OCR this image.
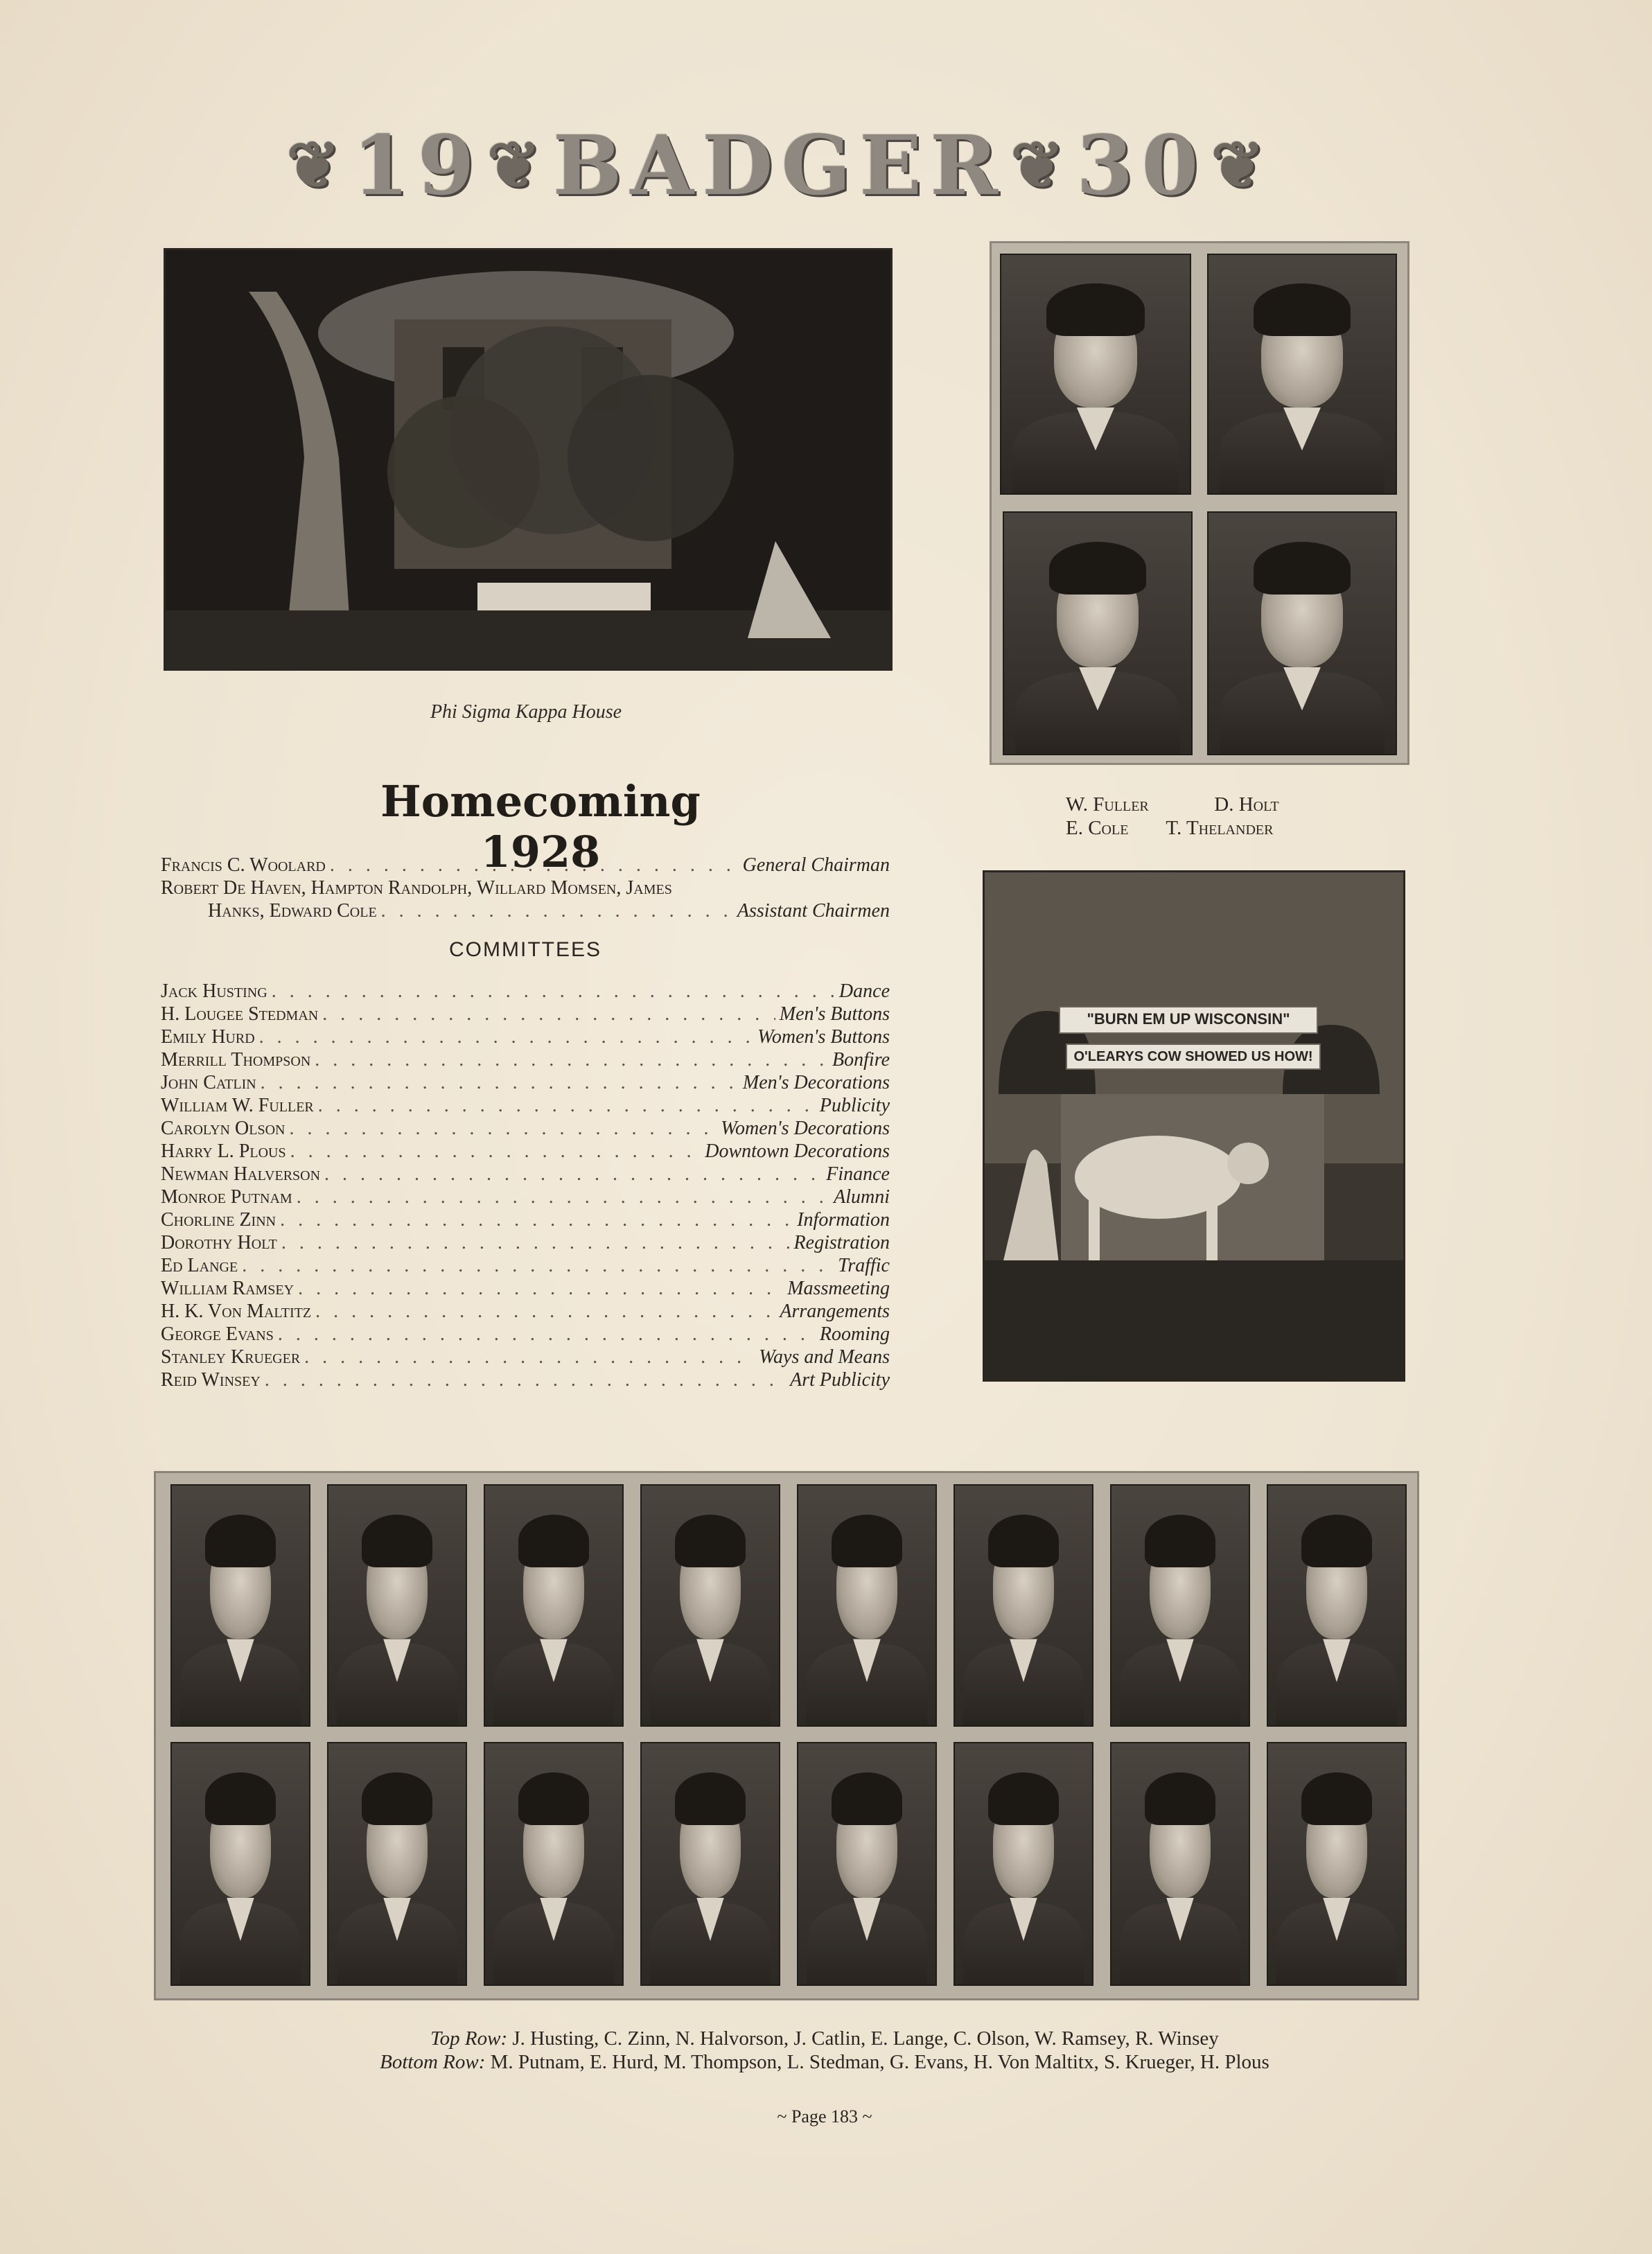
❦ 19 ❦ BADGER ❦ 30 ❦
Phi Sigma Kappa House
W. Fuller	D. Holt
E. Cole T. Thelander
Homecoming 1928
Francis C. Woolard . . .	General Chairman
Robert De Haven, Hampton Randolph, Willard Momsen, James
Hanks, Edward Cole . . .	Assistant Chairmen
COMMITTEES
Jack Husting . . .	Dance
H. Lougee Stedman . . .	Men's Buttons
Emily Hurd . . .	Women's Buttons
Merrill Thompson . . .	Bonfire
John Catlin . . .	Men's Decorations
William W. Fuller . . .	Publicity
Carolyn Olson . . .	Women's Decorations
Harry L. Plous . . .	Downtown Decorations
Newman Halverson . . .	Finance
Monroe Putnam . . .	Alumni
Chorline Zinn . . .	Information
Dorothy Holt . . .	Registration
Ed Lange . . .	Traffic
William Ramsey . . .	Massmeeting
H. K. Von Maltitz . . .	Arrangements
George Evans . . .	Rooming
Stanley Krueger . . .	Ways and Means
Reid Winsey . . .	Art Publicity
"BURN EM UP WISCONSIN"
O'LEARYS COW SHOWED US HOW!
Top Row: J. Husting, C. Zinn, N. Halvorson, J. Catlin, E. Lange, C. Olson, W. Ramsey, R. Winsey
Bottom Row: M. Putnam, E. Hurd, M. Thompson, L. Stedman, G. Evans, H. Von Maltitx, S. Krueger, H. Plous
~ Page 183 ~
